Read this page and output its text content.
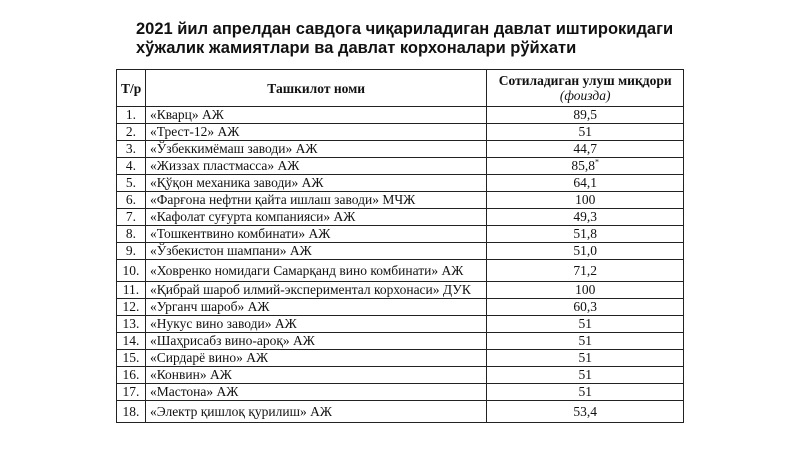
2021 йил апрелдан савдога чиқариладиган давлат иштирокидаги
хўжалик жамиятлари ва давлат корхоналари рўйхати
Т/р	Ташкилот номи	Сотиладиган улуш миқдори
(фоизда)

1.	«Кварц» АЖ	89,5
2.	«Трест-12» АЖ	51
3.	«Ўзбеккимёмаш заводи» АЖ	44,7
4.	«Жиззах пластмасса» АЖ	85,8*
5.	«Қўқон механика заводи» АЖ	64,1
6.	«Фарғона нефтни қайта ишлаш заводи» МЧЖ	100
7.	«Кафолат суғурта компанияси» АЖ	49,3
8.	«Тошкентвино комбинати» АЖ	51,8
9.	«Ўзбекистон шампани» АЖ	51,0
10.	«Ховренко номидаги Самарқанд вино комбинати» АЖ	71,2
11.	«Қибрай шароб илмий-экспериментал корхонаси» ДУК	100
12.	«Урганч шароб» АЖ	60,3
13.	«Нукус вино заводи» АЖ	51
14.	«Шаҳрисабз вино-ароқ» АЖ	51
15.	«Сирдарё вино» АЖ	51
16.	«Конвин» АЖ	51
17.	«Мастона» АЖ	51
18.	«Электр қишлоқ қурилиш» АЖ	53,4
